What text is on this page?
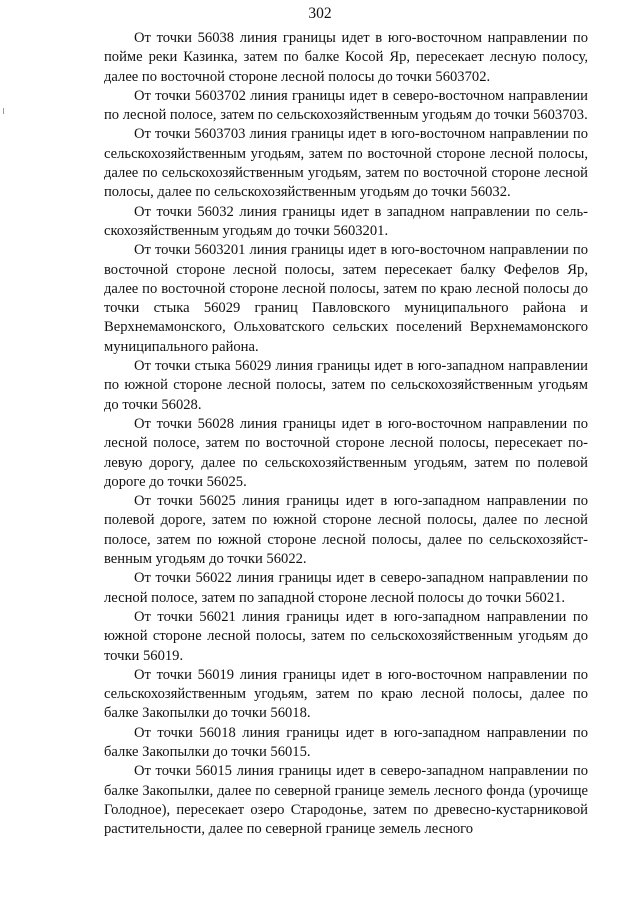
302

От точки 56038 линия границы идет в юго-восточном направлении по пойме реки Казинка, затем по балке Косой Яр, пересекает лесную полосу, далее по восточной стороне лесной полосы до точки 5603702.

От точки 5603702 линия границы идет в северо-восточном направлении по лесной полосе, затем по сельскохозяйственным угодьям до точки 5603703.

От точки 5603703 линия границы идет в юго-восточном направлении по сельскохозяйственным угодьям, затем по восточной стороне лесной полосы, далее по сельскохозяйственным угодьям, затем по восточной стороне лесной полосы, далее по сельскохозяйственным угодьям до точки 56032.

От точки 56032 линия границы идет в западном направлении по сельскохозяйственным угодьям до точки 5603201.

От точки 5603201 линия границы идет в юго-восточном направлении по восточной стороне лесной полосы, затем пересекает балку Фефелов Яр, далее по восточной стороне лесной полосы, затем по краю лесной полосы до точки стыка 56029 границ Павловского муниципального района и Верхнемамонского, Ольховатского сельских поселений Верхнемамонского муниципального района.

От точки стыка 56029 линия границы идет в юго-западном направлении по южной стороне лесной полосы, затем по сельскохозяйственным угодьям до точки 56028.

От точки 56028 линия границы идет в юго-восточном направлении по лесной полосе, затем по восточной стороне лесной полосы, пересекает полевую дорогу, далее по сельскохозяйственным угодьям, затем по полевой дороге до точки 56025.

От точки 56025 линия границы идет в юго-западном направлении по полевой дороге, затем по южной стороне лесной полосы, далее по лесной полосе, затем по южной стороне лесной полосы, далее по сельскохозяйственным угодьям до точки 56022.

От точки 56022 линия границы идет в северо-западном направлении по лесной полосе, затем по западной стороне лесной полосы до точки 56021.

От точки 56021 линия границы идет в юго-западном направлении по южной стороне лесной полосы, затем по сельскохозяйственным угодьям до точки 56019.

От точки 56019 линия границы идет в юго-восточном направлении по сельскохозяйственным угодьям, затем по краю лесной полосы, далее по балке Закопылки до точки 56018.

От точки 56018 линия границы идет в юго-западном направлении по балке Закопылки до точки 56015.

От точки 56015 линия границы идет в северо-западном направлении по балке Закопылки, далее по северной границе земель лесного фонда (урочище Голодное), пересекает озеро Стародонье, затем по древесно-кустарниковой растительности, далее по северной границе земель лесного
